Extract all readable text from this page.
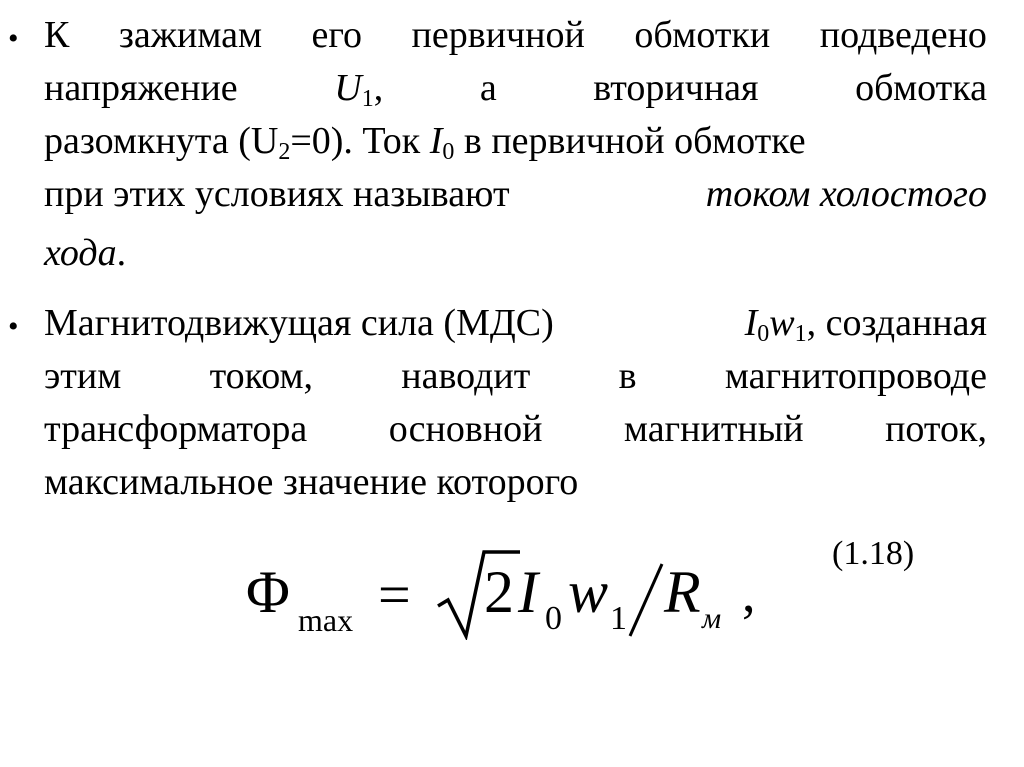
• К зажимам его первичной обмотки подведено
напряжение	$U_1$,	а	вторичная	обмотка
разомкнута $(U_2=0)$. Ток $I_0$ в первичной обмотке
при этих условиях называют	током холостого
хода.
• Магнитодвижущая сила (МДС)	$I_0w_1$, созданная
этим током, наводит в магнитопроводе
трансформатора основной магнитный поток,
максимальное значение которого
(1.18)
Φ max = 2 I 0 w 1 R м ,
